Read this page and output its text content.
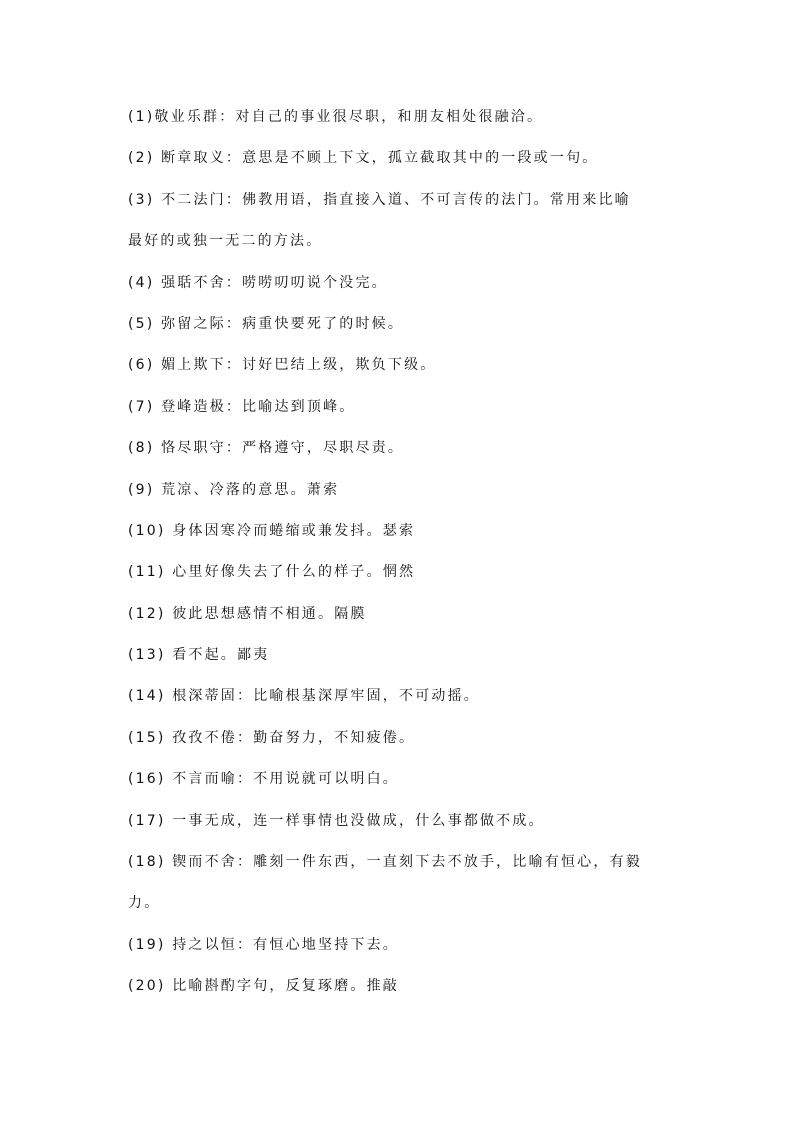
(1)敬业乐群：对自己的事业很尽职，和朋友相处很融洽。
(2) 断章取义：意思是不顾上下文，孤立截取其中的一段或一句。
(3) 不二法门：佛教用语，指直接入道、不可言传的法门。常用来比喻
最好的或独一无二的方法。
(4) 强聒不舍：唠唠叨叨说个没完。
(5) 弥留之际：病重快要死了的时候。
(6) 媚上欺下：讨好巴结上级，欺负下级。
(7) 登峰造极：比喻达到顶峰。
(8) 恪尽职守：严格遵守，尽职尽责。
(9) 荒凉、冷落的意思。萧索
(10) 身体因寒冷而蜷缩或兼发抖。瑟索
(11) 心里好像失去了什么的样子。惘然
(12) 彼此思想感情不相通。隔膜
(13) 看不起。鄙夷
(14) 根深蒂固：比喻根基深厚牢固，不可动摇。
(15) 孜孜不倦：勤奋努力，不知疲倦。
(16) 不言而喻：不用说就可以明白。
(17) 一事无成，连一样事情也没做成，什么事都做不成。
(18) 锲而不舍：雕刻一件东西，一直刻下去不放手，比喻有恒心，有毅
力。
(19) 持之以恒：有恒心地坚持下去。
(20) 比喻斟酌字句，反复琢磨。推敲
